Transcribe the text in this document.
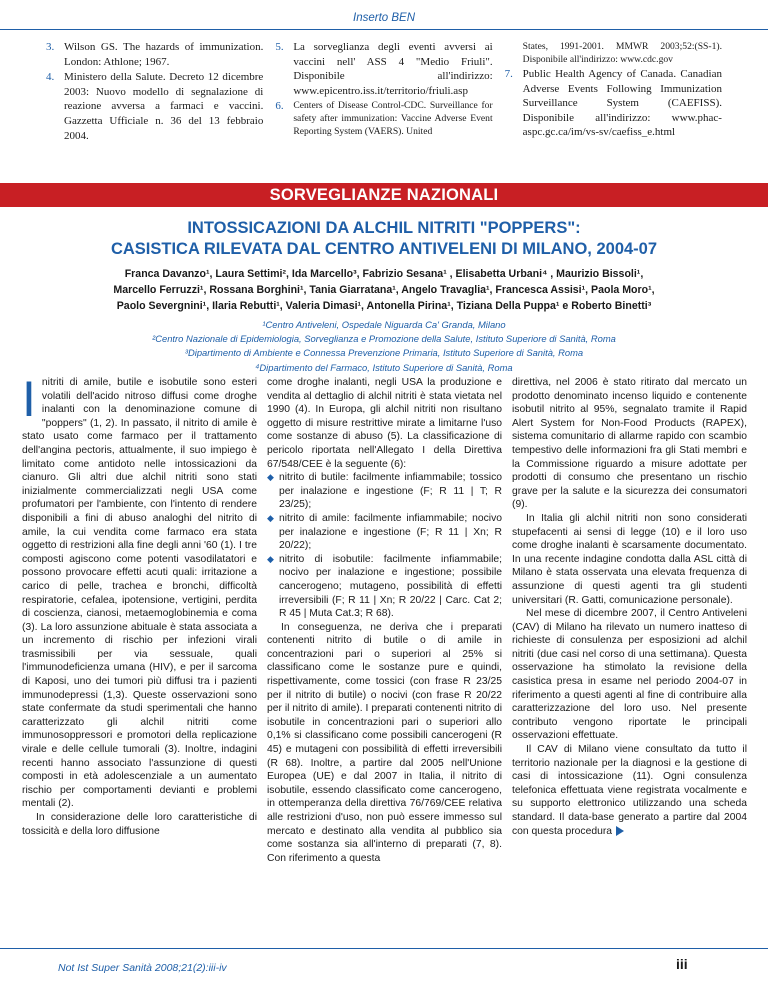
Inserto BEN
3. Wilson GS. The hazards of immunization. London: Athlone; 1967.
4. Ministero della Salute. Decreto 12 dicembre 2003: Nuovo modello di segnalazione di reazione avversa a farmaci e vaccini. Gazzetta Ufficiale n. 36 del 13 febbraio 2004.
5. La sorveglianza degli eventi avversi ai vaccini nell' ASS 4 "Medio Friuli". Disponibile all'indirizzo: www.epicentro.iss.it/territorio/friuli.asp
6.	Centers of Disease Control-CDC. Surveillance for safety after immunization: Vaccine Adverse Event Reporting System (VAERS). United
States, 1991-2001. MMWR 2003;52:(SS-1). Disponibile all'indirizzo: www.cdc.gov
7. Public Health Agency of Canada. Canadian Adverse Events Following Immunization Surveillance System (CAEFISS). Disponibile all'indirizzo: www.phac-aspc.gc.ca/im/vs-sv/caefiss_e.html
SORVEGLIANZE NAZIONALI
INTOSSICAZIONI DA ALCHIL NITRITI "POPPERS":
CASISTICA RILEVATA DAL CENTRO ANTIVELENI DI MILANO, 2004-07
Franca Davanzo¹, Laura Settimi², Ida Marcello³, Fabrizio Sesana¹ , Elisabetta Urbani⁴ , Maurizio Bissoli¹,
Marcello Ferruzzi¹, Rossana Borghini¹, Tania Giarratana¹, Angelo Travaglia¹, Francesca Assisi¹, Paola Moro¹,
Paolo Severgnini¹, Ilaria Rebutti¹, Valeria Dimasi¹, Antonella Pirina¹, Tiziana Della Puppa¹ e Roberto Binetti³
¹Centro Antiveleni, Ospedale Niguarda Ca' Granda, Milano
²Centro Nazionale di Epidemiologia, Sorveglianza e Promozione della Salute, Istituto Superiore di Sanità, Roma
³Dipartimento di Ambiente e Connessa Prevenzione Primaria, Istituto Superiore di Sanità, Roma
⁴Dipartimento del Farmaco, Istituto Superiore di Sanità, Roma
I nitriti di amile, butile e isobutile sono esteri volatili dell'acido nitroso diffusi come droghe inalanti con la denominazione comune di "poppers" (1, 2). In passato, il nitrito di amile è stato usato come farmaco per il trattamento dell'angina pectoris, attualmente, il suo impiego è limitato come antidoto nelle intossicazioni da cianuro. Gli altri due alchil nitriti sono stati inizialmente commercializzati negli USA come profumatori per l'ambiente, con l'intento di rendere disponibili a fini di abuso analoghi del nitrito di amile, la cui vendita come farmaco era stata oggetto di restrizioni alla fine degli anni '60 (1). I tre composti agiscono come potenti vasodilatatori e possono provocare effetti acuti quali: irritazione a carico di pelle, trachea e bronchi, difficoltà respiratorie, cefalea, ipotensione, vertigini, perdita di coscienza, cianosi, metaemoglobinemia e coma (3). La loro assunzione abituale è stata associata a un incremento di rischio per infezioni virali trasmissibili per via sessuale, quali l'immunodeficienza umana (HIV), e per il sarcoma di Kaposi, uno dei tumori più diffusi tra i pazienti immunodepressi (1,3). Queste osservazioni sono state confermate da studi sperimentali che hanno caratterizzato gli alchil nitriti come immunosoppressori e promotori della replicazione virale e delle cellule tumorali (3). Inoltre, indagini recenti hanno associato l'assunzione di questi composti in età adolescenziale a un aumentato rischio per comportamenti devianti e problemi mentali (2).

In considerazione delle loro caratteristiche di tossicità e della loro diffusione

come droghe inalanti, negli USA la produzione e vendita al dettaglio di alchil nitriti è stata vietata nel 1990 (4). In Europa, gli alchil nitriti non risultano oggetto di misure restrittive mirate a limitarne l'uso come sostanze di abuso (5). La classificazione di pericolo riportata nell'Allegato I della Direttiva 67/548/CEE è la seguente (6):

◆ nitrito di butile: facilmente infiammabile; tossico per inalazione e ingestione (F; R 11 | T; R 23/25);
◆ nitrito di amile: facilmente infiammabile; nocivo per inalazione e ingestione (F; R 11 | Xn; R 20/22);
◆ nitrito di isobutile: facilmente infiammabile; nocivo per inalazione e ingestione; possibile cancerogeno; mutageno, possibilità di effetti irreversibili (F; R 11 | Xn; R 20/22 | Carc. Cat 2; R 45 | Muta Cat.3; R 68).

In conseguenza, ne deriva che i preparati contenenti nitrito di butile o di amile in concentrazioni pari o superiori al 25% si classificano come le sostanze pure e quindi, rispettivamente, come tossici (con frase R 23/25 per il nitrito di butile) o nocivi (con frase R 20/22 per il nitrito di amile). I preparati contenenti nitrito di isobutile in concentrazioni pari o superiori allo 0,1% si classificano come possibili cancerogeni (R 45) e mutageni con possibilità di effetti irreversibili (R 68). Inoltre, a partire dal 2005 nell'Unione Europea (UE) e dal 2007 in Italia, il nitrito di isobutile, essendo classificato come cancerogeno, in ottemperanza della direttiva 76/769/CEE relativa alle restrizioni d'uso, non può essere immesso sul mercato e destinato alla vendita al pubblico sia come sostanza sia all'interno di preparati (7, 8). Con riferimento a questa

direttiva, nel 2006 è stato ritirato dal mercato un prodotto denominato incenso liquido e contenente isobutil nitrito al 95%, segnalato tramite il Rapid Alert System for Non-Food Products (RAPEX), sistema comunitario di allarme rapido con scambio tempestivo delle informazioni fra gli Stati membri e la Commissione riguardo a misure adottate per prodotti di consumo che presentano un rischio grave per la salute e la sicurezza dei consumatori (9).

In Italia gli alchil nitriti non sono considerati stupefacenti ai sensi di legge (10) e il loro uso come droghe inalanti è scarsamente documentato. In una recente indagine condotta dalla ASL città di Milano è stata osservata una elevata frequenza di assunzione di questi agenti tra gli studenti universitari (R. Gatti, comunicazione personale).

Nel mese di dicembre 2007, il Centro Antiveleni (CAV) di Milano ha rilevato un numero inatteso di richieste di consulenza per esposizioni ad alchil nitriti (due casi nel corso di una settimana). Questa osservazione ha stimolato la revisione della casistica presa in esame nel periodo 2004-07 in riferimento a questi agenti al fine di contribuire alla caratterizzazione del loro uso. Nel presente contributo vengono riportate le principali osservazioni effettuate.

Il CAV di Milano viene consultato da tutto il territorio nazionale per la diagnosi e la gestione di casi di intossicazione (11). Ogni consulenza telefonica effettuata viene registrata vocalmente e su supporto elettronico utilizzando una scheda standard. Il data-base generato a partire dal 2004 con questa procedura

Not Ist Super Sanità 2008;21(2):iii-iv	iii
